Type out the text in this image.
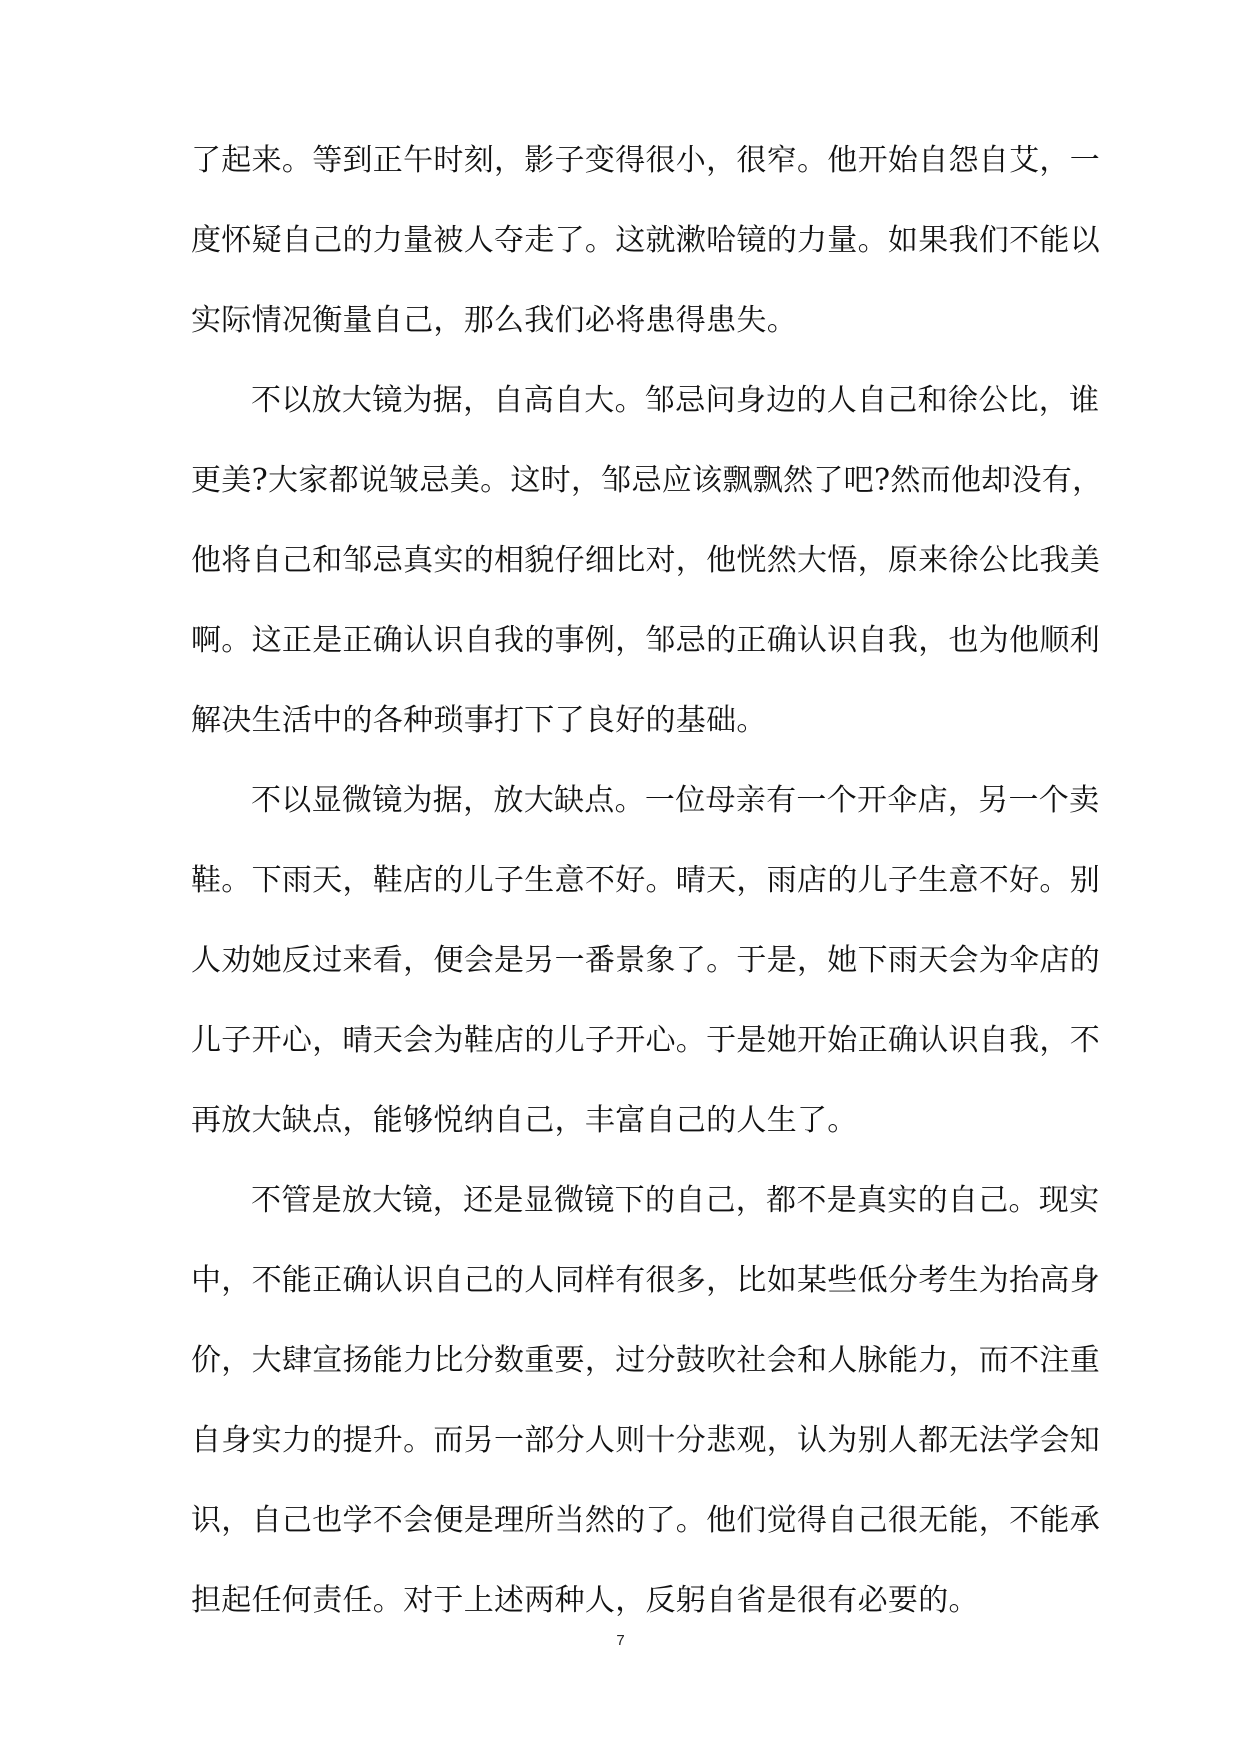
了起来。等到正午时刻，影子变得很小，很窄。他开始自怨自艾，一
度怀疑自己的力量被人夺走了。这就漱哈镜的力量。如果我们不能以
实际情况衡量自己，那么我们必将患得患失。
不以放大镜为据，自高自大。邹忌问身边的人自己和徐公比，谁
更美?大家都说皱忌美。这时，邹忌应该飘飘然了吧?然而他却没有，
他将自己和邹忌真实的相貌仔细比对，他恍然大悟，原来徐公比我美
啊。这正是正确认识自我的事例，邹忌的正确认识自我，也为他顺利
解决生活中的各种琐事打下了良好的基础。
不以显微镜为据，放大缺点。一位母亲有一个开伞店，另一个卖
鞋。下雨天，鞋店的儿子生意不好。晴天，雨店的儿子生意不好。别
人劝她反过来看，便会是另一番景象了。于是，她下雨天会为伞店的
儿子开心，晴天会为鞋店的儿子开心。于是她开始正确认识自我，不
再放大缺点，能够悦纳自己，丰富自己的人生了。
不管是放大镜，还是显微镜下的自己，都不是真实的自己。现实
中，不能正确认识自己的人同样有很多，比如某些低分考生为抬高身
价，大肆宣扬能力比分数重要，过分鼓吹社会和人脉能力，而不注重
自身实力的提升。而另一部分人则十分悲观，认为别人都无法学会知
识，自己也学不会便是理所当然的了。他们觉得自己很无能，不能承
担起任何责任。对于上述两种人，反躬自省是很有必要的。
7
